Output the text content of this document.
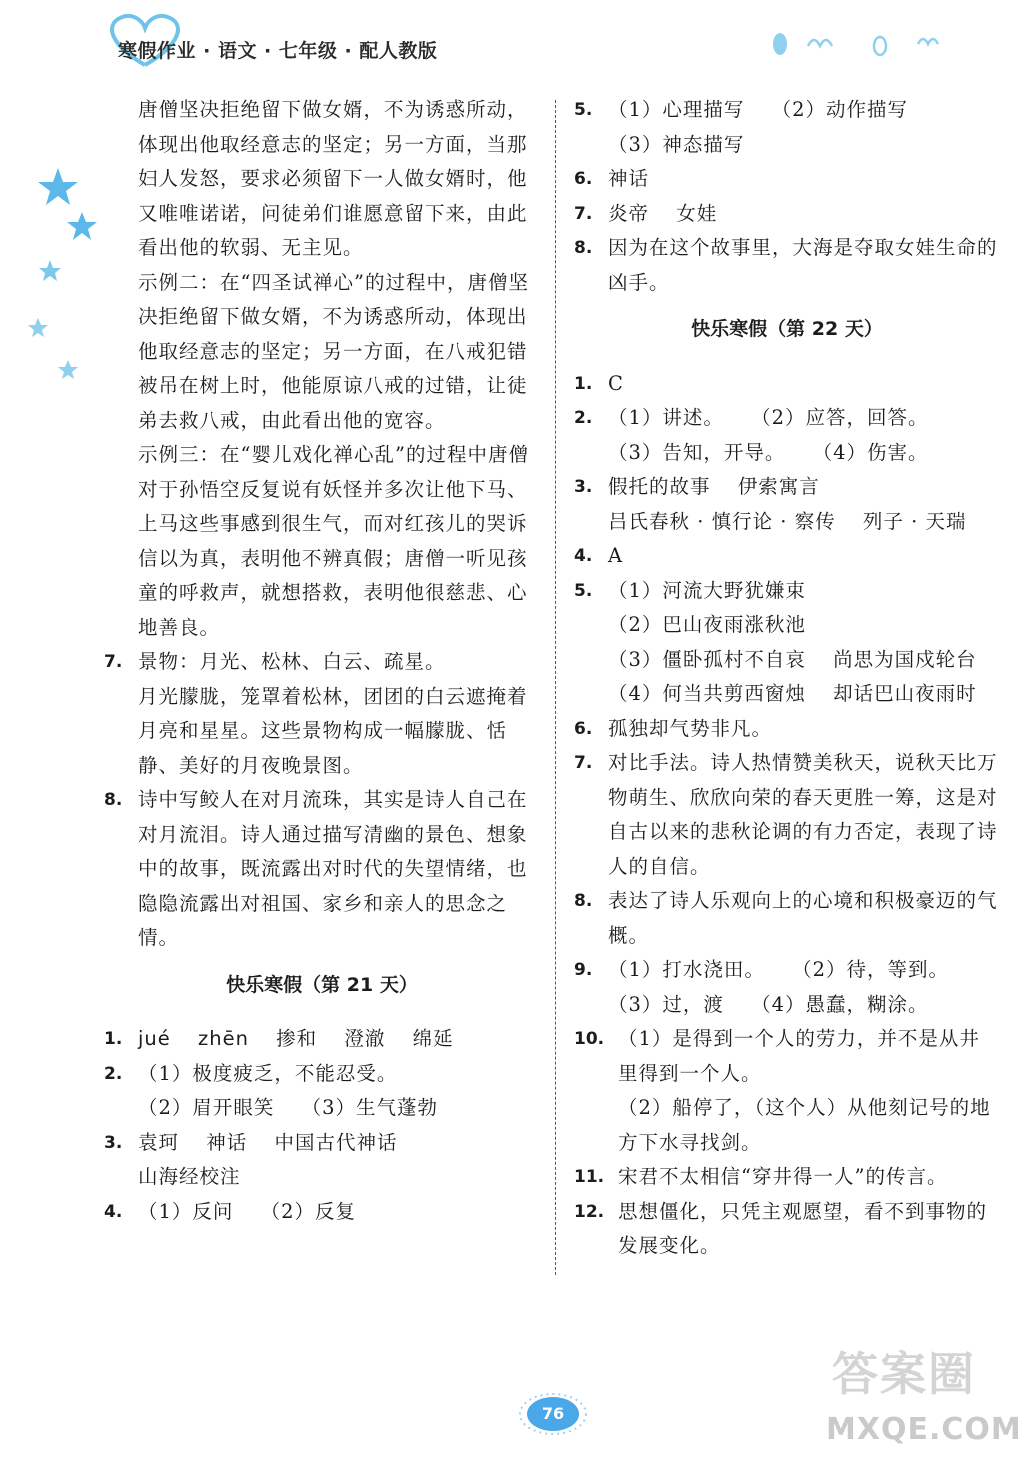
寒假作业 · 语文 · 七年级 · 配人教版
唐僧坚决拒绝留下做女婿，不为诱惑所动，体现出他取经意志的坚定；另一方面，当那妇人发怒，要求必须留下一人做女婿时，他又唯唯诺诺，问徒弟们谁愿意留下来，由此看出他的软弱、无主见。
示例二：在“四圣试禅心”的过程中，唐僧坚决拒绝留下做女婿，不为诱惑所动，体现出他取经意志的坚定；另一方面，在八戒犯错被吊在树上时，他能原谅八戒的过错，让徒弟去救八戒，由此看出他的宽容。
示例三：在“婴儿戏化禅心乱”的过程中唐僧对于孙悟空反复说有妖怪并多次让他下马、上马这些事感到很生气，而对红孩儿的哭诉信以为真，表明他不辨真假；唐僧一听见孩童的呼救声，就想搭救，表明他很慈悲、心地善良。
7. 景物：月光、松林、白云、疏星。
月光朦胧，笼罩着松林，团团的白云遮掩着月亮和星星。这些景物构成一幅朦胧、恬静、美好的月夜晚景图。
8. 诗中写鲛人在对月流珠，其实是诗人自己在对月流泪。诗人通过描写清幽的景色、想象中的故事，既流露出对时代的失望情绪，也隐隐流露出对祖国、家乡和亲人的思念之情。
快乐寒假（第 21 天）
1. jué zhēn 掺和 澄澈 绵延
2. （1）极度疲乏，不能忍受。
（2）眉开眼笑 （3）生气蓬勃
3. 袁珂 神话 中国古代神话 山海经校注
4. （1）反问 （2）反复
5. （1）心理描写 （2）动作描写
（3）神态描写
6. 神话
7. 炎帝 女娃
8. 因为在这个故事里，大海是夺取女娃生命的凶手。
快乐寒假（第 22 天）
1. C
2. （1）讲述。 （2）应答，回答。
（3）告知，开导。 （4）伤害。
3. 假托的故事 伊索寓言 吕氏春秋 · 慎行论 · 察传 列子 · 天瑞
4. A
5. （1）河流大野犹嫌束
（2）巴山夜雨涨秋池
（3）僵卧孤村不自哀 尚思为国戍轮台
（4）何当共剪西窗烛 却话巴山夜雨时
6. 孤独却气势非凡。
7. 对比手法。诗人热情赞美秋天，说秋天比万物萌生、欣欣向荣的春天更胜一筹，这是对自古以来的悲秋论调的有力否定，表现了诗人的自信。
8. 表达了诗人乐观向上的心境和积极豪迈的气概。
9. （1）打水浇田。 （2）待，等到。
（3）过，渡 （4）愚蠢，糊涂。
10. （1）是得到一个人的劳力，并不是从井里得到一个人。
（2）船停了，（这个人）从他刻记号的地方下水寻找剑。
11. 宋君不太相信“穿井得一人”的传言。
12. 思想僵化，只凭主观愿望，看不到事物的发展变化。
76
答案圈
MXQE.COM
